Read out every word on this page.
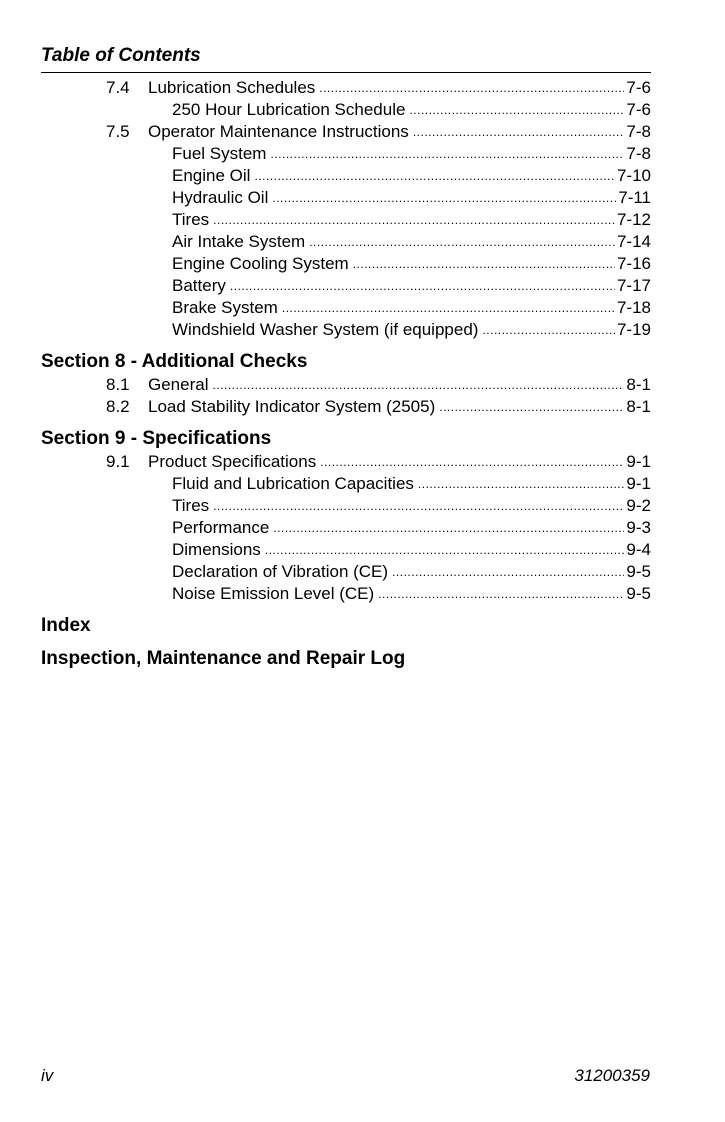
Table of Contents
7.4	Lubrication Schedules .....	7-6
250 Hour Lubrication Schedule .....	7-6
7.5	Operator Maintenance Instructions .....	7-8
Fuel System .....	7-8
Engine Oil .....	7-10
Hydraulic Oil .....	7-11
Tires .....	7-12
Air Intake System .....	7-14
Engine Cooling System .....	7-16
Battery .....	7-17
Brake System .....	7-18
Windshield Washer System (if equipped) .....	7-19
Section 8 - Additional Checks
8.1	General .....	8-1
8.2	Load Stability Indicator System (2505) .....	8-1
Section 9 - Specifications
9.1	Product Specifications .....	9-1
Fluid and Lubrication Capacities .....	9-1
Tires .....	9-2
Performance .....	9-3
Dimensions .....	9-4
Declaration of Vibration (CE) .....	9-5
Noise Emission Level (CE) .....	9-5
Index
Inspection, Maintenance and Repair Log
iv	31200359
